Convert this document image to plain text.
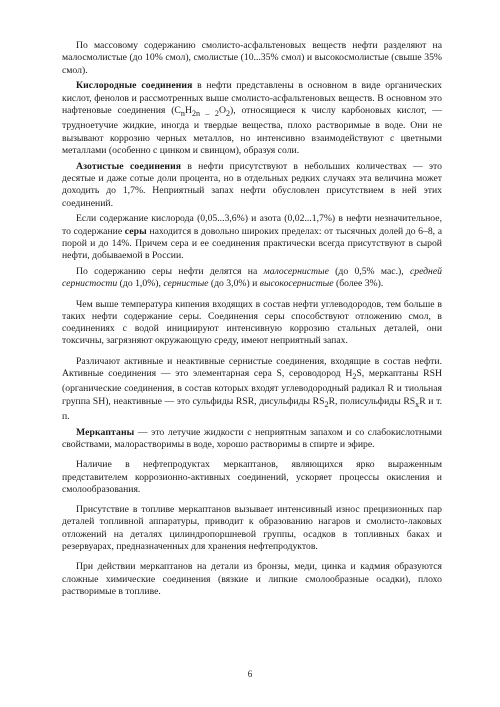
По массовому содержанию смолисто-асфальтеновых веществ нефти разделяют на малосмолистые (до 10% смол), смолистые (10...35% смол) и высокосмолистые (свыше 35% смол).

Кислородные соединения в нефти представлены в основном в виде органических кислот, фенолов и рассмотренных выше смолисто-асфальтеновых веществ. В основном это нафтеновые соединения $(C_nH_{2n - 2}O_2)$, относящиеся к числу карбоновых кислот, — трудноетучие жидкие, иногда и твердые вещества, плохо растворимые в воде. Они не вызывают коррозию черных металлов, но интенсивно взаимодействуют с цветными металлами (особенно с цинком и свинцом), образуя соли.

Азотистые соединения в нефти присутствуют в небольших количествах — это десятые и даже сотые доли процента, но в отдельных редких случаях эта величина может доходить до 1,7%. Неприятный запах нефти обусловлен присутствием в ней этих соединений.

Если содержание кислорода (0,05...3,6%) и азота (0,02...1,7%) в нефти незначительное, то содержание серы находится в довольно широких пределах: от тысячных долей до 6–8, а порой и до 14%. Причем сера и ее соединения практически всегда присутствуют в сырой нефти, добываемой в России.

По содержанию серы нефти делятся на малосернистые (до 0,5% мас.), средней сернистости (до 1,0%), сернистые (до 3,0%) и высокосернистые (более 3%).

Чем выше температура кипения входящих в состав нефти углеводородов, тем больше в таких нефти содержание серы. Соединения серы способствуют отложению смол, в соединениях с водой инициируют интенсивную коррозию стальных деталей, они токсичны, загрязняют окружающую среду, имеют неприятный запах.

Различают активные и неактивные сернистые соединения, входящие в состав нефти. Активные соединения — это элементарная сера S, сероводород $H_2S$, меркаптаны RSH (органические соединения, в состав которых входят углеводородный радикал R и тиольная группа SH), неактивные — это сульфиды RSR, дисульфиды $RS_2R$, полисульфиды $RS_xR$ и т. п.

Меркаптаны — это летучие жидкости с неприятным запахом и со слабокислотными свойствами, малорастворимы в воде, хорошо растворимы в спирте и эфире.

Наличие в нефтепродуктах меркаптанов, являющихся ярко выраженным представителем коррозионно-активных соединений, ускоряет процессы окисления и смолообразования.

Присутствие в топливе меркаптанов вызывает интенсивный износ прецизионных пар деталей топливной аппаратуры, приводит к образованию нагаров и смолисто-лаковых отложений на деталях цилиндропоршневой группы, осадков в топливных баках и резервуарах, предназначенных для хранения нефтепродуктов.

При действии меркаптанов на детали из бронзы, меди, цинка и кадмия образуются сложные химические соединения (вязкие и липкие смолообразные осадки), плохо растворимые в топливе.

6
